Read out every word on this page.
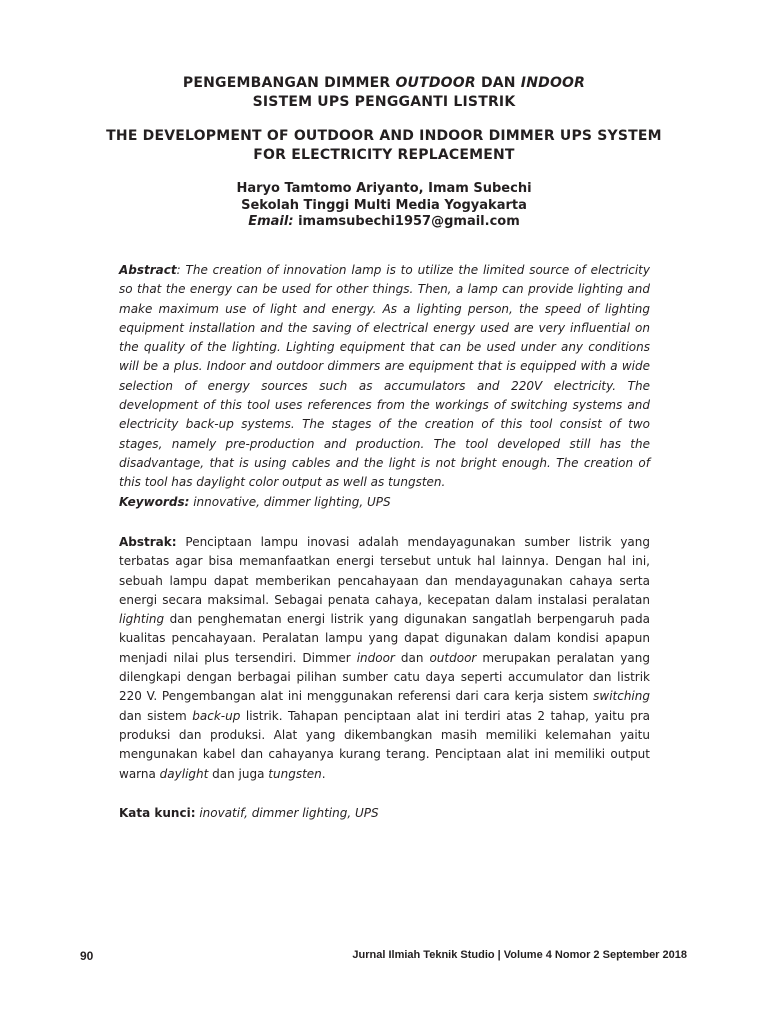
PENGEMBANGAN DIMMER OUTDOOR DAN INDOOR
SISTEM UPS PENGGANTI LISTRIK
THE DEVELOPMENT OF OUTDOOR AND INDOOR DIMMER UPS SYSTEM
FOR ELECTRICITY REPLACEMENT
Haryo Tamtomo Ariyanto, Imam Subechi
Sekolah Tinggi Multi Media Yogyakarta
Email: imamsubechi1957@gmail.com
Abstract: The creation of innovation lamp is to utilize the limited source of electricity so that the energy can be used for other things. Then, a lamp can provide lighting and make maximum use of light and energy. As a lighting person, the speed of lighting equipment installation and the saving of electrical energy used are very influential on the quality of the lighting. Lighting equipment that can be used under any conditions will be a plus. Indoor and outdoor dimmers are equipment that is equipped with a wide selection of energy sources such as accumulators and 220V electricity. The development of this tool uses references from the workings of switching systems and electricity back-up systems. The stages of the creation of this tool consist of two stages, namely pre-production and production. The tool developed still has the disadvantage, that is using cables and the light is not bright enough. The creation of this tool has daylight color output as well as tungsten.
Keywords: innovative, dimmer lighting, UPS
Abstrak: Penciptaan lampu inovasi adalah mendayagunakan sumber listrik yang terbatas agar bisa memanfaatkan energi tersebut untuk hal lainnya. Dengan hal ini, sebuah lampu dapat memberikan pencahayaan dan mendayagunakan cahaya serta energi secara maksimal. Sebagai penata cahaya, kecepatan dalam instalasi peralatan lighting dan penghematan energi listrik yang digunakan sangatlah berpengaruh pada kualitas pencahayaan. Peralatan lampu yang dapat digunakan dalam kondisi apapun menjadi nilai plus tersendiri. Dimmer indoor dan outdoor merupakan peralatan yang dilengkapi dengan berbagai pilihan sumber catu daya seperti accumulator dan listrik 220 V. Pengembangan alat ini menggunakan referensi dari cara kerja sistem switching dan sistem back-up listrik. Tahapan penciptaan alat ini terdiri atas 2 tahap, yaitu pra produksi dan produksi. Alat yang dikembangkan masih memiliki kelemahan yaitu mengunakan kabel dan cahayanya kurang terang. Penciptaan alat ini memiliki output warna daylight dan juga tungsten.
Kata kunci: inovatif, dimmer lighting, UPS
90	Jurnal Ilmiah Teknik Studio | Volume 4 Nomor 2 September 2018
